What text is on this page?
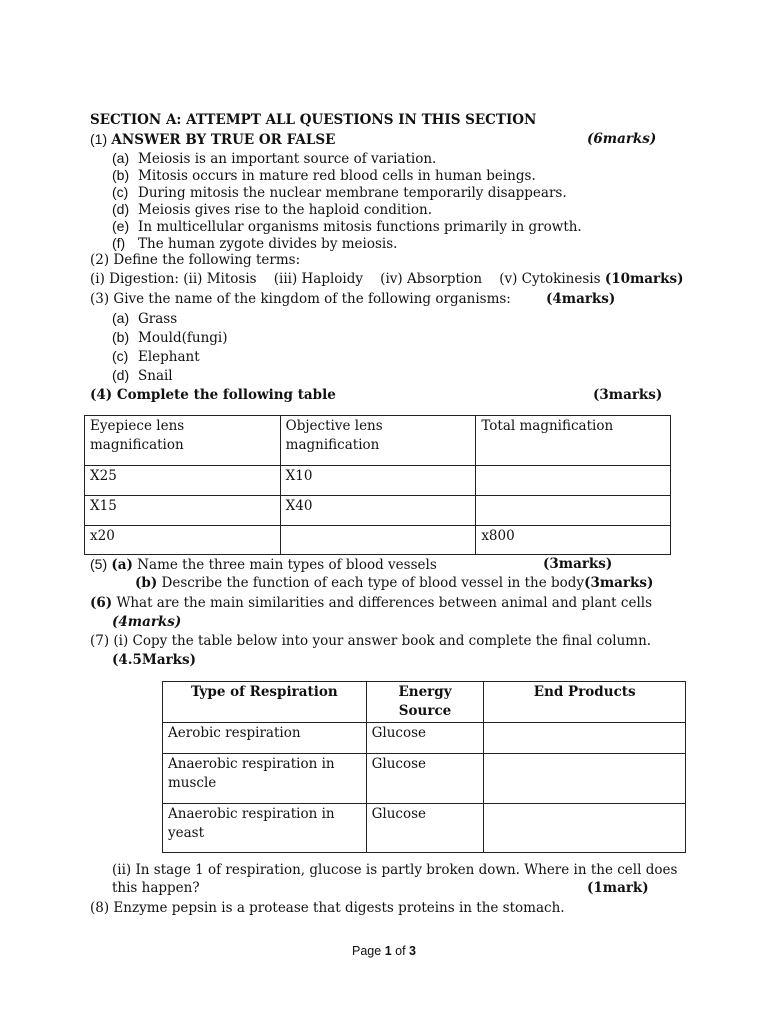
SECTION A: ATTEMPT ALL QUESTIONS IN THIS SECTION
(1) ANSWER BY TRUE OR FALSE	(6marks)
(a) Meiosis is an important source of variation.
(b) Mitosis occurs in mature red blood cells in human beings.
(c) During mitosis the nuclear membrane temporarily disappears.
(d) Meiosis gives rise to the haploid condition.
(e) In multicellular organisms mitosis functions primarily in growth.
(f) The human zygote divides by meiosis.
(2) Define the following terms:
(i) Digestion: (ii) Mitosis    (iii) Haploidy    (iv) Absorption    (v) Cytokinesis (10marks)
(3) Give the name of the kingdom of the following organisms:	(4marks)
(a) Grass
(b) Mould(fungi)
(c) Elephant
(d) Snail
(4) Complete the following table	(3marks)
Eyepiece lens magnification	Objective lens magnification	Total magnification
X25	X10	
X15	X40	
x20		x800
(5) (a) Name the three main types of blood vessels	(3marks)
(b) Describe the function of each type of blood vessel in the body(3marks)
(6) What are the main similarities and differences between animal and plant cells
(4marks)
(7) (i) Copy the table below into your answer book and complete the final column.
(4.5Marks)
Type of Respiration	Energy Source	End Products
Aerobic respiration	Glucose	
Anaerobic respiration in muscle	Glucose	
Anaerobic respiration in yeast	Glucose	
(ii) In stage 1 of respiration, glucose is partly broken down. Where in the cell does
this happen?	(1mark)
(8) Enzyme pepsin is a protease that digests proteins in the stomach.
Page 1 of 3
